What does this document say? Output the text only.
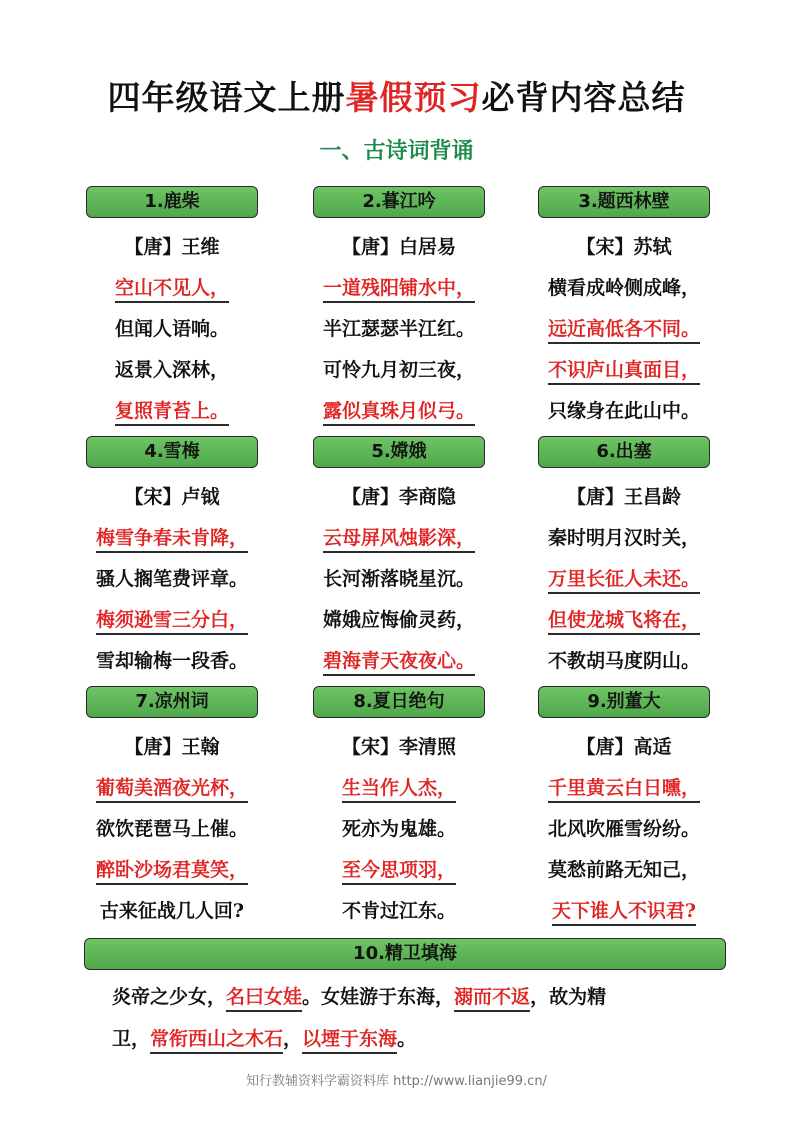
四年级语文上册暑假预习必背内容总结
一、古诗词背诵
1.鹿柴
【唐】王维
空山不见人，
但闻人语响。
返景入深林，
复照青苔上。
2.暮江吟
【唐】白居易
一道残阳铺水中，
半江瑟瑟半江红。
可怜九月初三夜，
露似真珠月似弓。
3.题西林壁
【宋】苏轼
横看成岭侧成峰，
远近高低各不同。
不识庐山真面目，
只缘身在此山中。
4.雪梅
【宋】卢钺
梅雪争春未肯降，
骚人搁笔费评章。
梅须逊雪三分白，
雪却输梅一段香。
5.嫦娥
【唐】李商隐
云母屏风烛影深，
长河渐落晓星沉。
嫦娥应悔偷灵药，
碧海青天夜夜心。
6.出塞
【唐】王昌龄
秦时明月汉时关，
万里长征人未还。
但使龙城飞将在，
不教胡马度阴山。
7.凉州词
【唐】王翰
葡萄美酒夜光杯，
欲饮琵琶马上催。
醉卧沙场君莫笑，
古来征战几人回?
8.夏日绝句
【宋】李清照
生当作人杰，
死亦为鬼雄。
至今思项羽，
不肯过江东。
9.别董大
【唐】高适
千里黄云白日曛，
北风吹雁雪纷纷。
莫愁前路无知己，
天下谁人不识君?
10.精卫填海
炎帝之少女，名曰女娃。女娃游于东海，溺而不返，故为精
卫，常衔西山之木石，以堙于东海。
知行教辅资料学霸资料库 http://www.lianjie99.cn/
